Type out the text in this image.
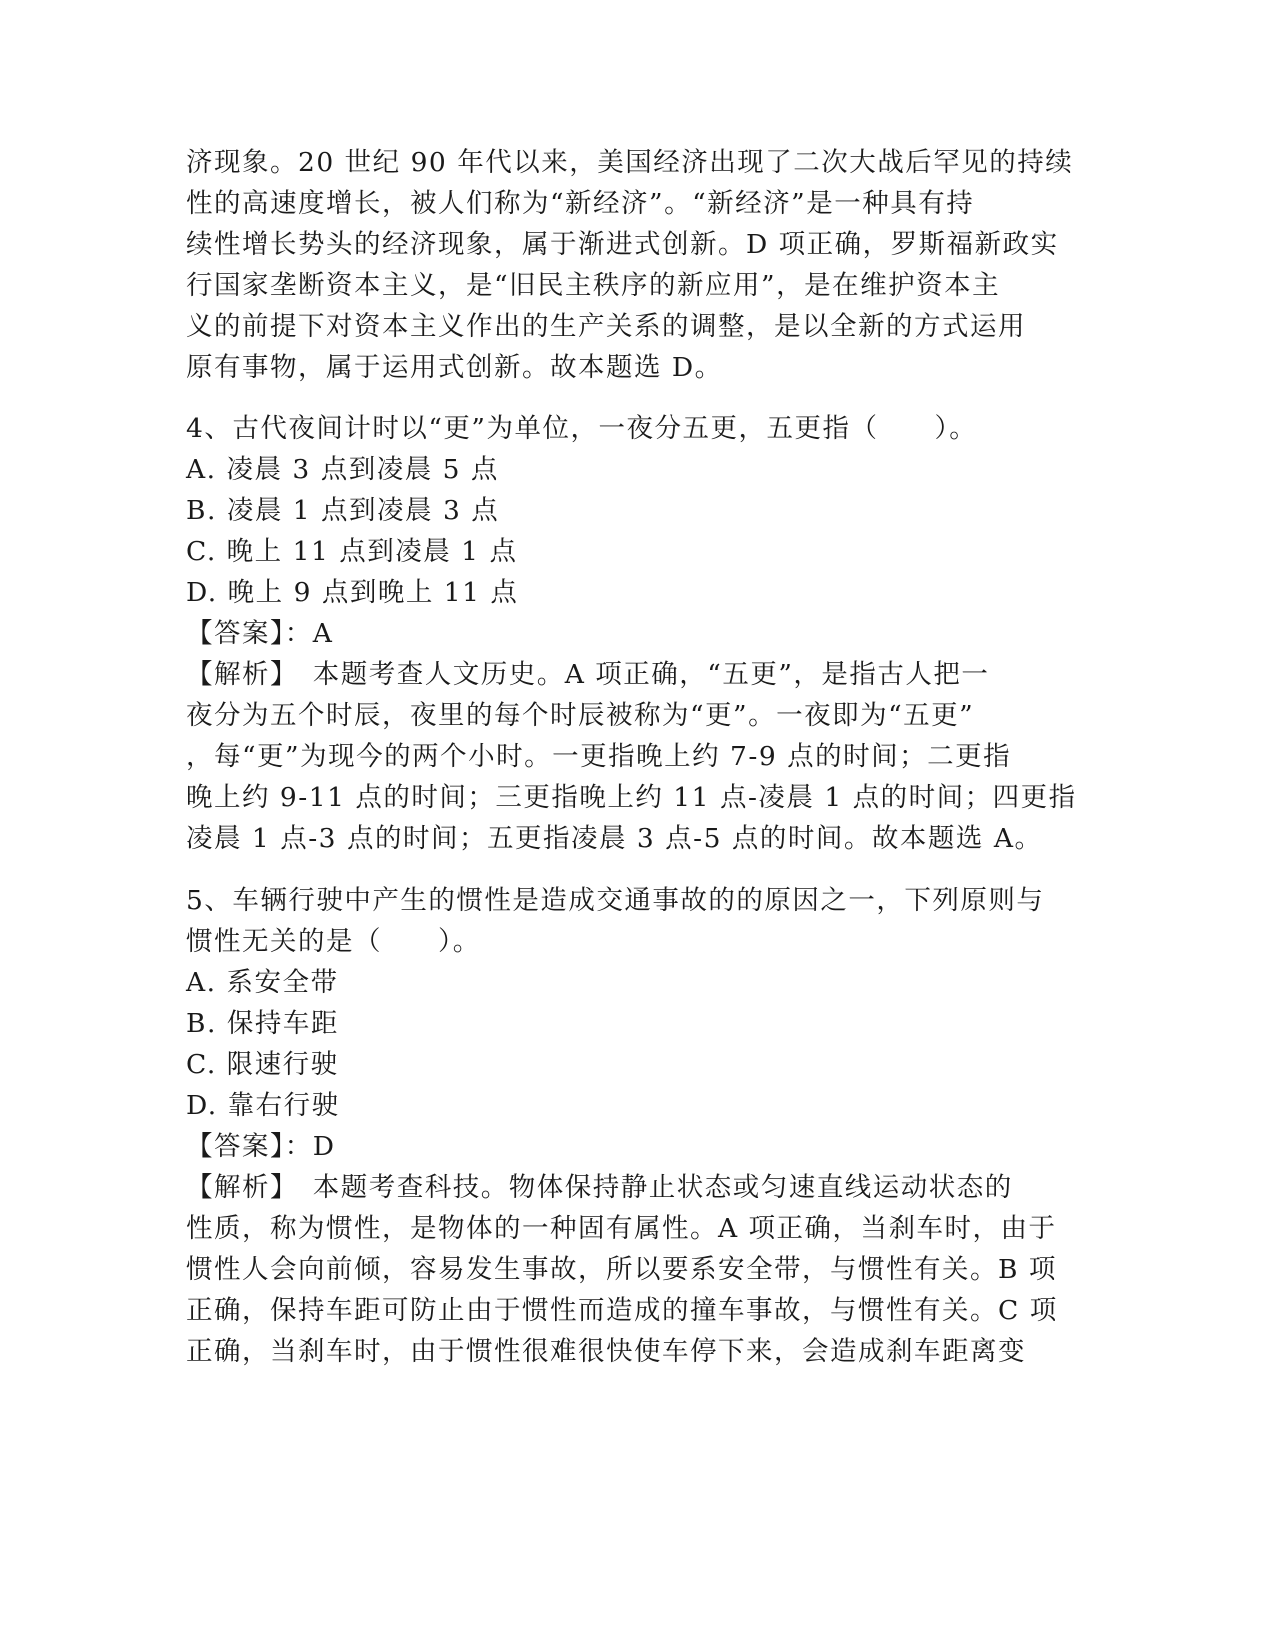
济现象。20 世纪 90 年代以来，美国经济出现了二次大战后罕见的持续
性的高速度增长，被人们称为“新经济”。“新经济”是一种具有持
续性增长势头的经济现象，属于渐进式创新。D 项正确，罗斯福新政实
行国家垄断资本主义，是“旧民主秩序的新应用”，是在维护资本主
义的前提下对资本主义作出的生产关系的调整，是以全新的方式运用
原有事物，属于运用式创新。故本题选 D。
4、古代夜间计时以“更”为单位，一夜分五更，五更指（　　）。
A. 凌晨 3 点到凌晨 5 点
B. 凌晨 1 点到凌晨 3 点
C. 晚上 11 点到凌晨 1 点
D. 晚上 9 点到晚上 11 点
【答案】：A
【解析】　本题考查人文历史。A 项正确，“五更”，是指古人把一
夜分为五个时辰，夜里的每个时辰被称为“更”。一夜即为“五更”
，每“更”为现今的两个小时。一更指晚上约 7-9 点的时间；二更指
晚上约 9-11 点的时间；三更指晚上约 11 点-凌晨 1 点的时间；四更指
凌晨 1 点-3 点的时间；五更指凌晨 3 点-5 点的时间。故本题选 A。
5、车辆行驶中产生的惯性是造成交通事故的的原因之一，下列原则与
惯性无关的是（　　）。
A. 系安全带
B. 保持车距
C. 限速行驶
D. 靠右行驶
【答案】：D
【解析】　本题考查科技。物体保持静止状态或匀速直线运动状态的
性质，称为惯性，是物体的一种固有属性。A 项正确，当刹车时，由于
惯性人会向前倾，容易发生事故，所以要系安全带，与惯性有关。B 项
正确，保持车距可防止由于惯性而造成的撞车事故，与惯性有关。C 项
正确，当刹车时，由于惯性很难很快使车停下来，会造成刹车距离变
